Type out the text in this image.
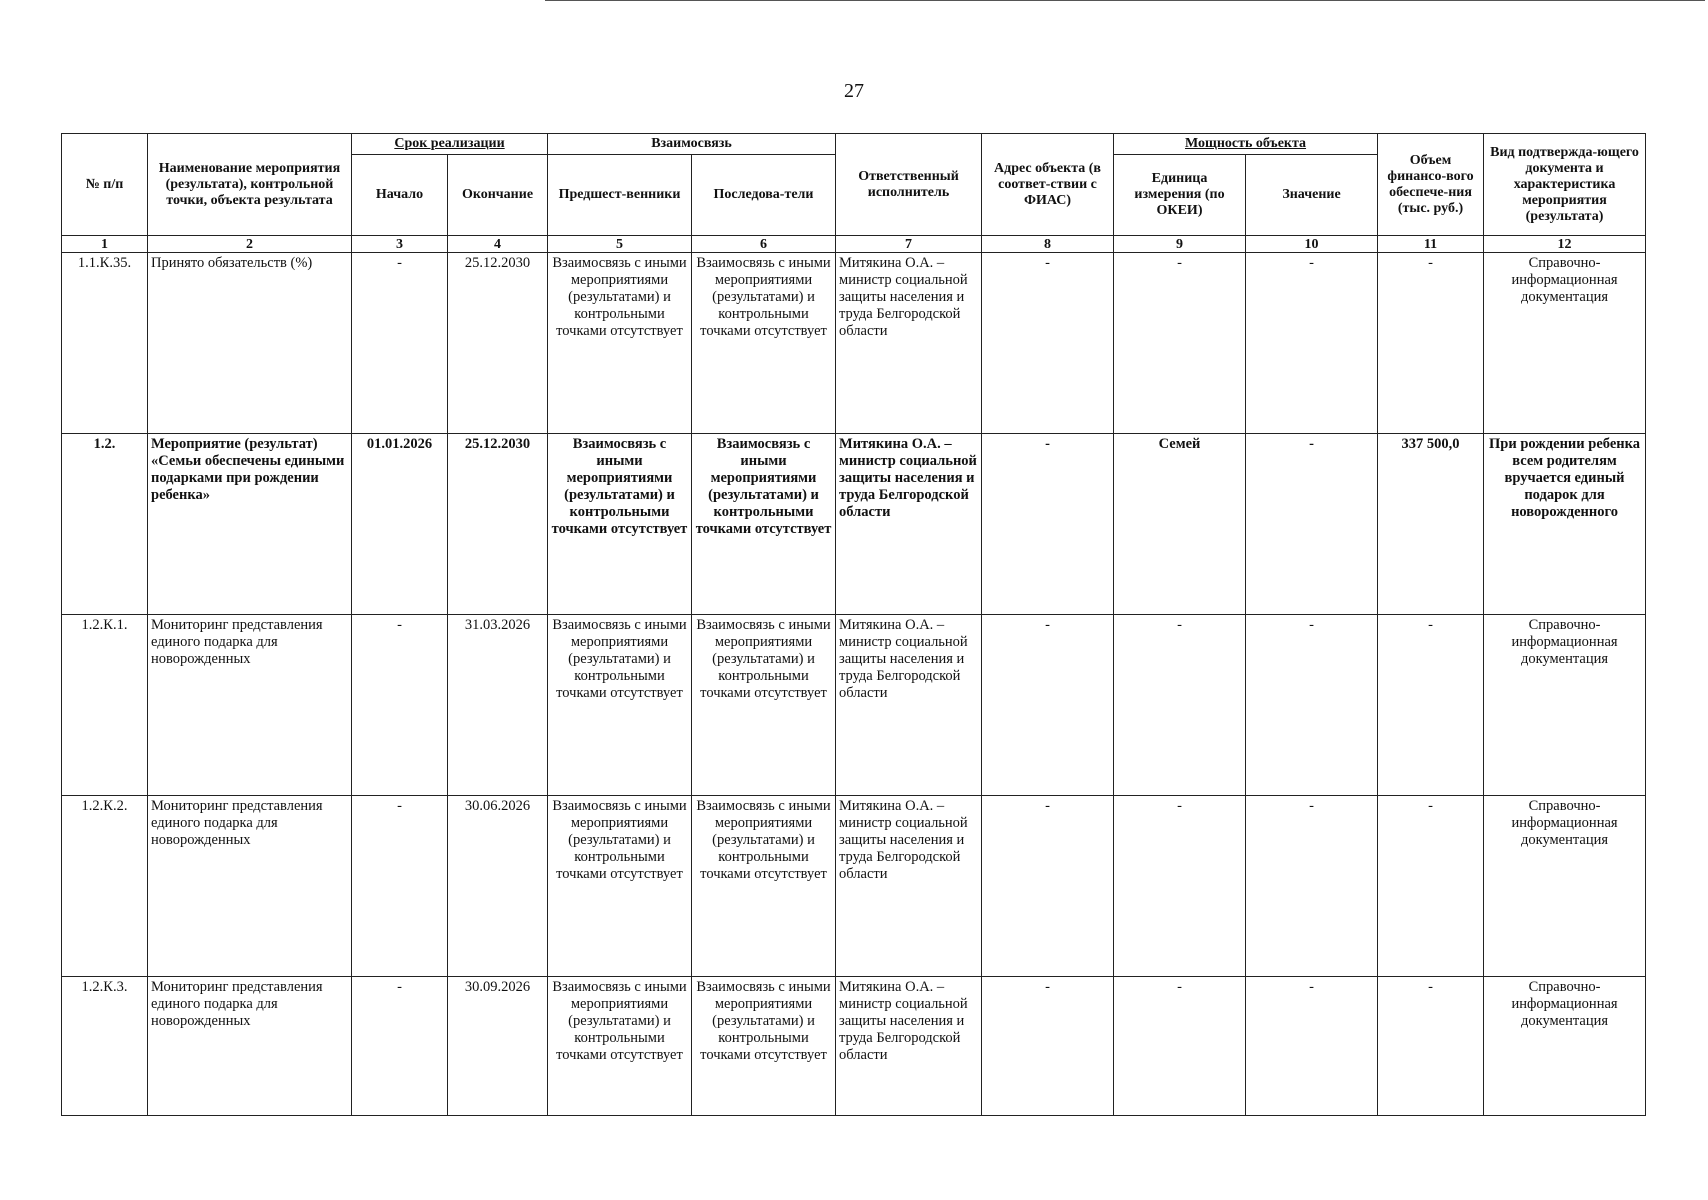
27
№ п/п	Наименование мероприятия (результата), контрольной точки, объекта результата	Срок реализации		Взаимосвязь		Ответственный исполнитель	Адрес объекта (в соответ-ствии с ФИАС)	Мощность объекта		Объем финансо-вого обеспече-ния (тыс. руб.)	Вид подтвержда-ющего документа и характеристика мероприятия (результата)
		Начало	Окончание	Предшест-венники	Последова-тели			Единица измерения (по ОКЕИ)	Значение		
1	2	3	4	5	6	7	8	9	10	11	12
1.1.К.35.	Принято обязательств (%)	-	25.12.2030	Взаимосвязь с иными мероприятиями (результатами) и контрольными точками отсутствует	Взаимосвязь с иными мероприятиями (результатами) и контрольными точками отсутствует	Митякина О.А. – министр социальной защиты населения и труда Белгородской области	-	-	-	-	Справочно-информационная документация
1.2.	Мероприятие (результат) «Семьи обеспечены едиными подарками при рождении ребенка»	01.01.2026	25.12.2030	Взаимосвязь с иными мероприятиями (результатами) и контрольными точками отсутствует	Взаимосвязь с иными мероприятиями (результатами) и контрольными точками отсутствует	Митякина О.А. – министр социальной защиты населения и труда Белгородской области	-	Семей	-	337 500,0	При рождении ребенка всем родителям вручается единый подарок для новорожденного
1.2.К.1.	Мониторинг представления единого подарка для новорожденных	-	31.03.2026	Взаимосвязь с иными мероприятиями (результатами) и контрольными точками отсутствует	Взаимосвязь с иными мероприятиями (результатами) и контрольными точками отсутствует	Митякина О.А. – министр социальной защиты населения и труда Белгородской области	-	-	-	-	Справочно-информационная документация
1.2.К.2.	Мониторинг представления единого подарка для новорожденных	-	30.06.2026	Взаимосвязь с иными мероприятиями (результатами) и контрольными точками отсутствует	Взаимосвязь с иными мероприятиями (результатами) и контрольными точками отсутствует	Митякина О.А. – министр социальной защиты населения и труда Белгородской области	-	-	-	-	Справочно-информационная документация
1.2.К.3.	Мониторинг представления единого подарка для новорожденных	-	30.09.2026	Взаимосвязь с иными мероприятиями (результатами) и контрольными точками отсутствует	Взаимосвязь с иными мероприятиями (результатами) и контрольными точками отсутствует	Митякина О.А. – министр социальной защиты населения и труда Белгородской области	-	-	-	-	Справочно-информационная документация
